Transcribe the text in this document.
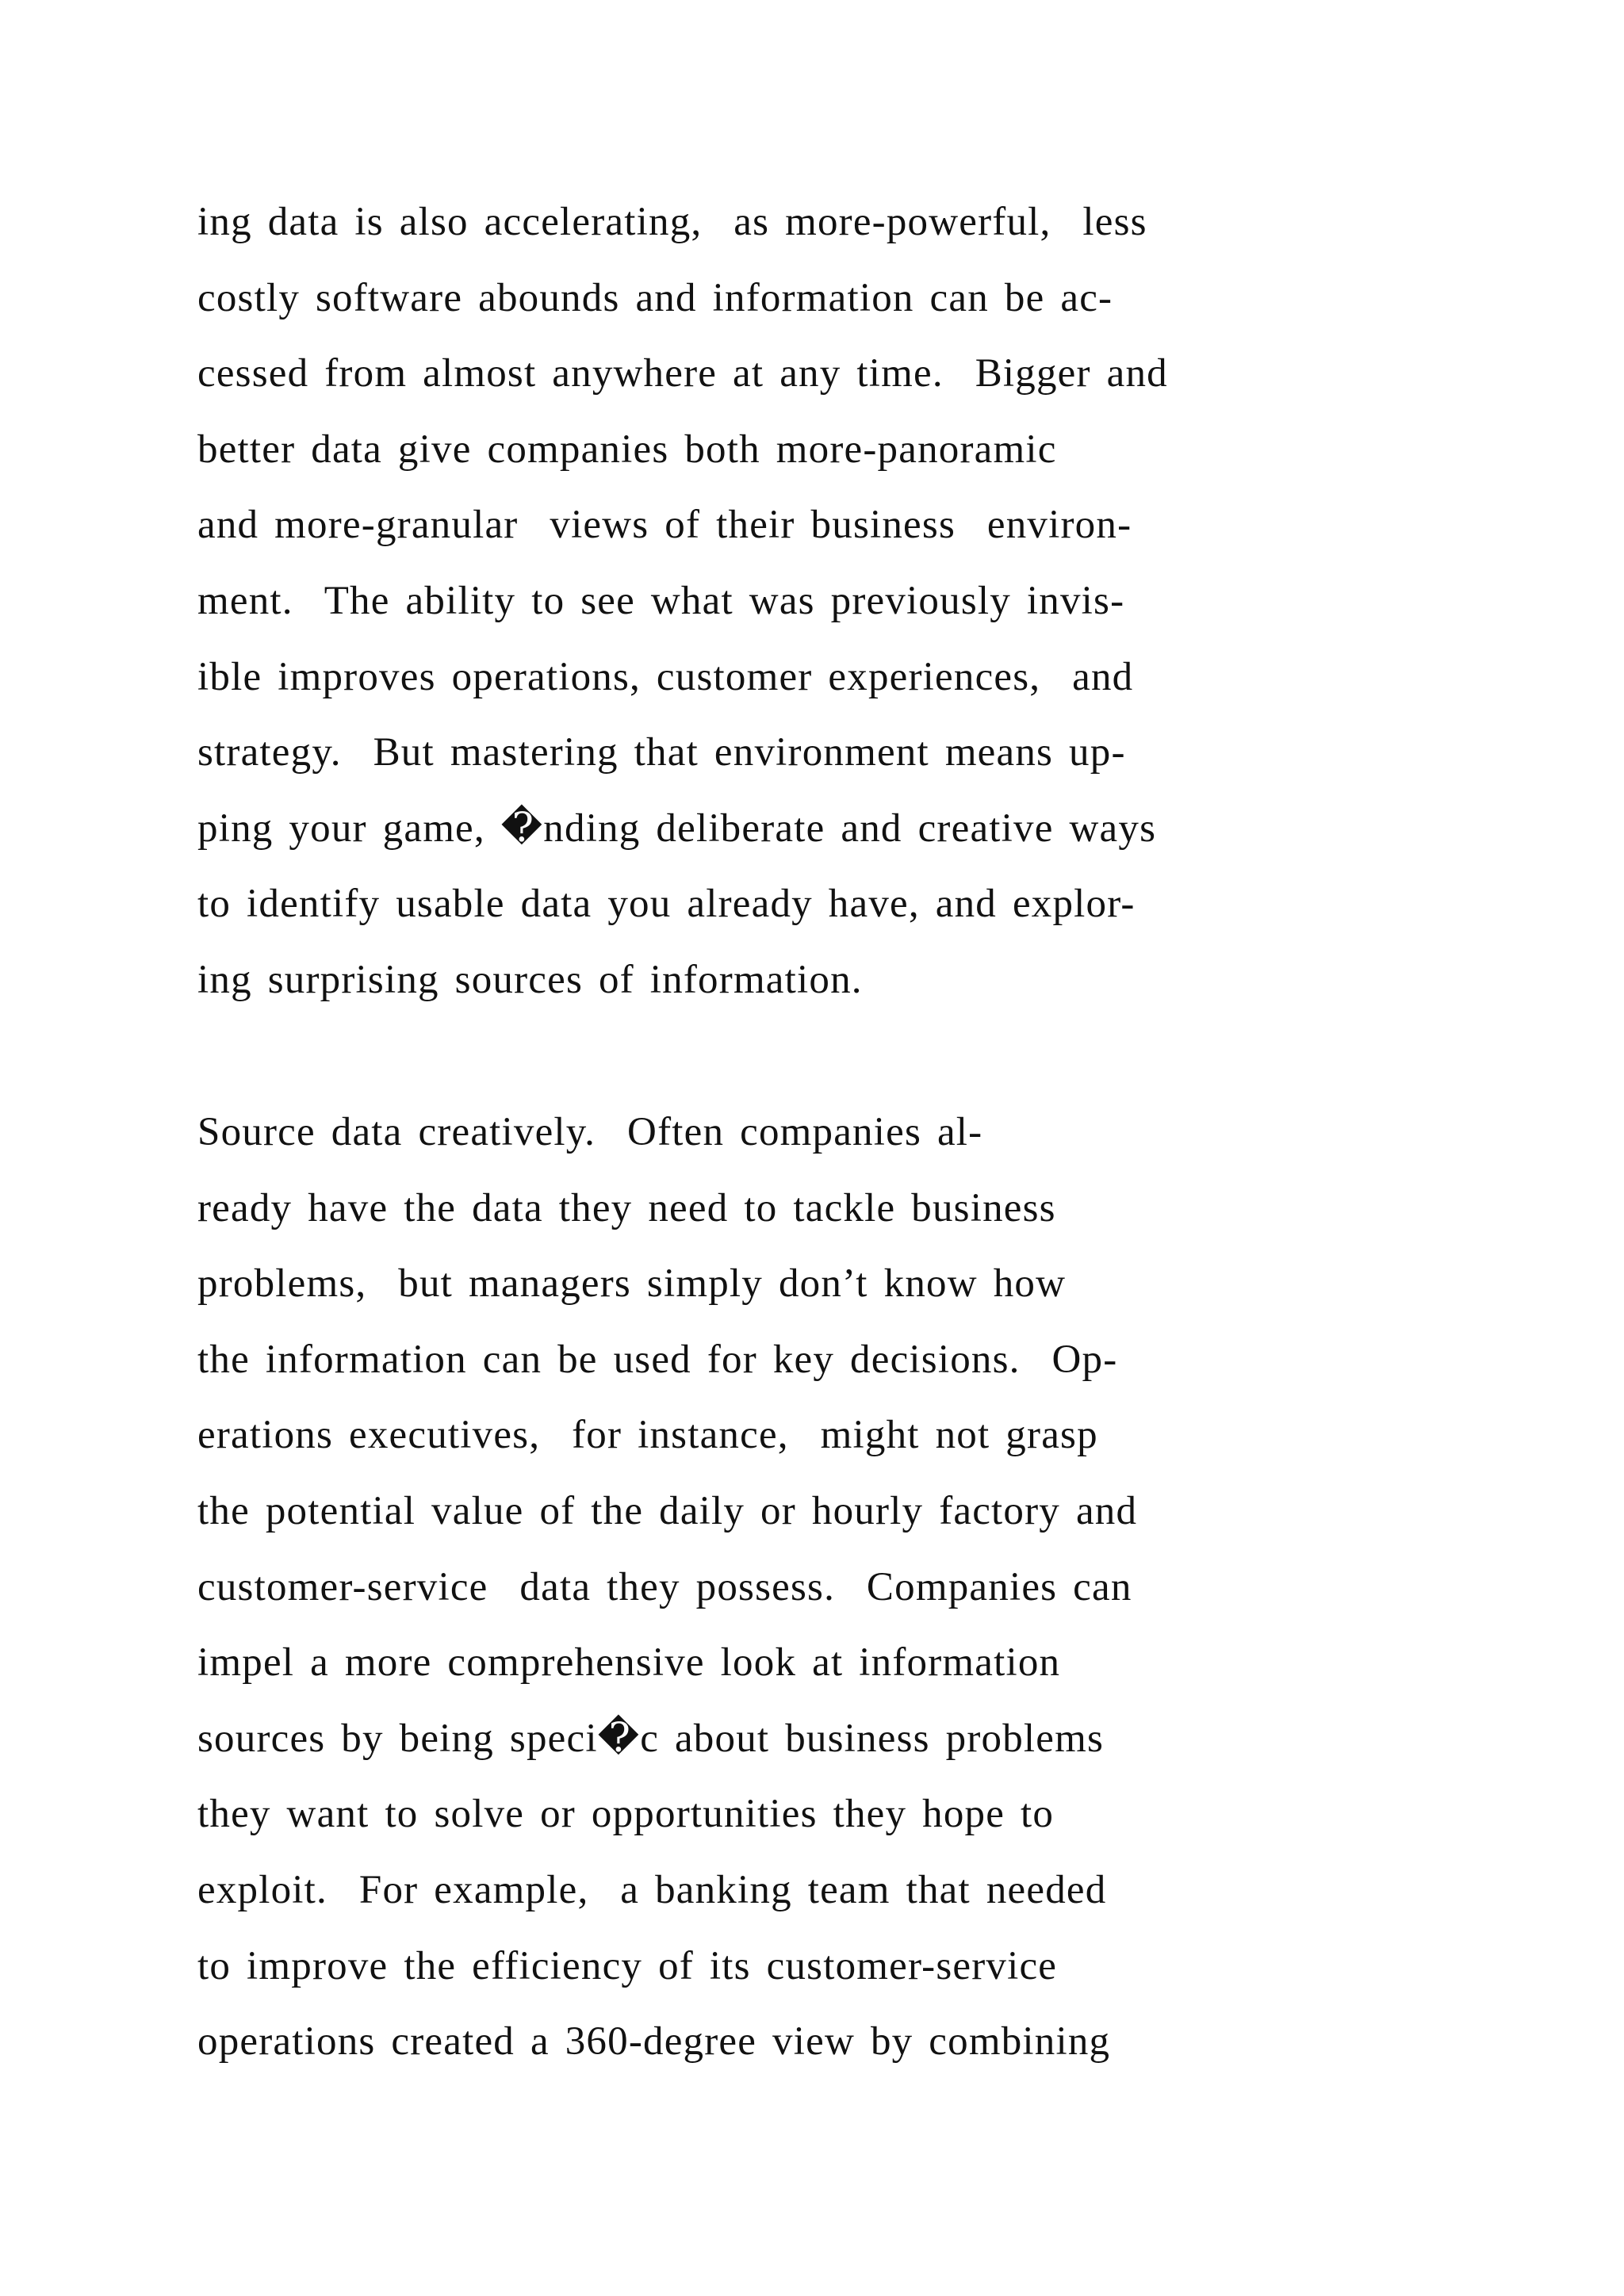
ing data is also accelerating,  as more-powerful,  less
costly software abounds and information can be ac-
cessed from almost anywhere at any time.  Bigger and
better data give companies both more-panoramic
and more-granular  views of their business  environ-
ment.  The ability to see what was previously invis-
ible improves operations, customer experiences,  and
strategy.  But mastering that environment means up-
ping your game, �nding deliberate and creative ways
to identify usable data you already have, and explor-
ing surprising sources of information.
Source data creatively.  Often companies al-
ready have the data they need to tackle business
problems,  but managers simply don’t know how
the information can be used for key decisions.  Op-
erations executives,  for instance,  might not grasp
the potential value of the daily or hourly factory and
customer-service  data they possess.  Companies can
impel a more comprehensive look at information
sources by being speci�c about business problems
they want to solve or opportunities they hope to
exploit.  For example,  a banking team that needed
to improve the efficiency of its customer-service
operations created a 360-degree view by combining
